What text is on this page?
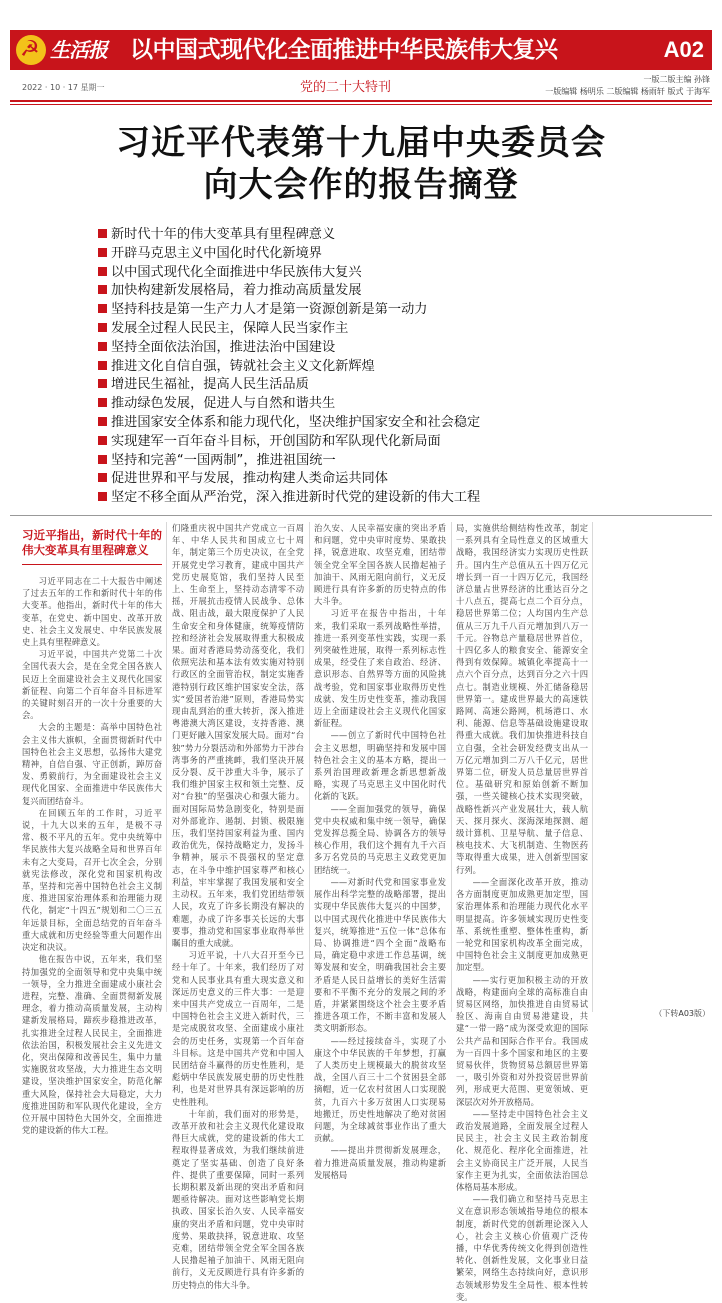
☭
生活报	以中国式现代化全面推进中华民族伟大复兴	A02
2022 · 10 · 17 星期一	党的二十大特刊
一版二版主编 孙锋
一版编辑 杨明乐 二版编辑 杨雨轩 版式 于海军
习近平代表第十九届中央委员会
向大会作的报告摘登
新时代十年的伟大变革具有里程碑意义
开辟马克思主义中国化时代化新境界
以中国式现代化全面推进中华民族伟大复兴
加快构建新发展格局，着力推动高质量发展
坚持科技是第一生产力人才是第一资源创新是第一动力
发展全过程人民民主，保障人民当家作主
坚持全面依法治国，推进法治中国建设
推进文化自信自强，铸就社会主义文化新辉煌
增进民生福祉，提高人民生活品质
推动绿色发展，促进人与自然和谐共生
推进国家安全体系和能力现代化，坚决维护国家安全和社会稳定
实现建军一百年奋斗目标，开创国防和军队现代化新局面
坚持和完善“一国两制”，推进祖国统一
促进世界和平与发展，推动构建人类命运共同体
坚定不移全面从严治党，深入推进新时代党的建设新的伟大工程
习近平指出，新时代十年的伟大变革具有里程碑意义

习近平同志在二十大报告中阐述了过去五年的工作和新时代十年的伟大变革。他指出，新时代十年的伟大变革，在党史、新中国史、改革开放史、社会主义发展史、中华民族发展史上具有里程碑意义。

习近平说，中国共产党第二十次全国代表大会，是在全党全国各族人民迈上全面建设社会主义现代化国家新征程、向第二个百年奋斗目标进军的关键时刻召开的一次十分重要的大会。

大会的主题是：高举中国特色社会主义伟大旗帜，全面贯彻新时代中国特色社会主义思想，弘扬伟大建党精神，自信自强、守正创新，踔厉奋发、勇毅前行，为全面建设社会主义现代化国家、全面推进中华民族伟大复兴而团结奋斗。

在回顾五年的工作时，习近平说，十九大以来的五年，是极不寻常、极不平凡的五年。党中央统筹中华民族伟大复兴战略全局和世界百年未有之大变局，召开七次全会，分别就宪法修改，深化党和国家机构改革，坚持和完善中国特色社会主义制度、推进国家治理体系和治理能力现代化，制定“十四五”规划和二〇三五年远景目标，全面总结党的百年奋斗重大成就和历史经验等重大问题作出决定和决议。

他在报告中说，五年来，我们坚持加强党的全面领导和党中央集中统一领导，全力推进全面建成小康社会进程，完整、准确、全面贯彻新发展理念，着力推动高质量发展，主动构建新发展格局，蹄疾步稳推进改革，扎实推进全过程人民民主，全面推进依法治国，积极发展社会主义先进文化，突出保障和改善民生，集中力量实施脱贫攻坚战，大力推进生态文明建设，坚决维护国家安全，防范化解重大风险，保持社会大局稳定，大力度推进国防和军队现代化建设，全方位开展中国特色大国外交，全面推进党的建设新的伟大工程。

们隆重庆祝中国共产党成立一百周年、中华人民共和国成立七十周年，制定第三个历史决议，在全党开展党史学习教育，建成中国共产党历史展览馆，我们坚持人民至上、生命至上，坚持动态清零不动摇，开展抗击疫情人民战争、总体战、阻击战，最大限度保护了人民生命安全和身体健康，统筹疫情防控和经济社会发展取得重大积极成果。面对香港局势动荡变化，我们依照宪法和基本法有效实施对特别行政区的全面管治权，制定实施香港特别行政区维护国家安全法，落实“爱国者治港”原则，香港局势实现由乱到治的重大转折，深入推进粤港澳大湾区建设，支持香港、澳门更好融入国家发展大局。面对“台独”势力分裂活动和外部势力干涉台湾事务的严重挑衅，我们坚决开展反分裂、反干涉重大斗争，展示了我们维护国家主权和领土完整、反对“台独”的坚强决心和强大能力。面对国际局势急剧变化，特别是面对外部讹诈、遏制、封锁、极限施压，我们坚持国家利益为重、国内政治优先，保持战略定力，发扬斗争精神，展示不畏强权的坚定意志，在斗争中维护国家尊严和核心利益，牢牢掌握了我国发展和安全主动权。五年来，我们党团结带领人民，攻克了许多长期没有解决的难题，办成了许多事关长远的大事要事，推动党和国家事业取得举世瞩目的重大成就。

习近平说，十八大召开至今已经十年了。十年来，我们经历了对党和人民事业具有重大现实意义和深远历史意义的三件大事：一是迎来中国共产党成立一百周年，二是中国特色社会主义进入新时代，三是完成脱贫攻坚、全面建成小康社会的历史任务，实现第一个百年奋斗目标。这是中国共产党和中国人民团结奋斗赢得的历史性胜利，是彪炳中华民族发展史册的历史性胜利，也是对世界具有深远影响的历史性胜利。

十年前，我们面对的形势是，改革开放和社会主义现代化建设取得巨大成就，党的建设新的伟大工程取得显著成效，为我们继续前进奠定了坚实基础、创造了良好条件、提供了重要保障，同时一系列长期积累及新出现的突出矛盾和问题亟待解决。面对这些影响党长期执政、国家长治久安、人民幸福安康的突出矛盾和问题，党中央审时度势、果敢抉择，锐意进取、攻坚克难，团结带领全党全军全国各族人民撸起袖子加油干、风雨无阻向前行，义无反顾进行具有许多新的历史特点的伟大斗争。

治久安、人民幸福安康的突出矛盾和问题，党中央审时度势、果敢抉择，锐意进取、攻坚克难，团结带领全党全军全国各族人民撸起袖子加油干、风雨无阻向前行，义无反顾进行具有许多新的历史特点的伟大斗争。

习近平在报告中指出，十年来，我们采取一系列战略性举措，推进一系列变革性实践，实现一系列突破性进展，取得一系列标志性成果，经受住了来自政治、经济、意识形态、自然界等方面的风险挑战考验，党和国家事业取得历史性成就、发生历史性变革，推动我国迈上全面建设社会主义现代化国家新征程。

——创立了新时代中国特色社会主义思想，明确坚持和发展中国特色社会主义的基本方略，提出一系列治国理政新理念新思想新战略，实现了马克思主义中国化时代化新的飞跃。

——全面加强党的领导，确保党中央权威和集中统一领导，确保党发挥总揽全局、协调各方的领导核心作用，我们这个拥有九千六百多万名党员的马克思主义政党更加团结统一。

——对新时代党和国家事业发展作出科学完整的战略部署，提出实现中华民族伟大复兴的中国梦，以中国式现代化推进中华民族伟大复兴，统筹推进“五位一体”总体布局、协调推进“四个全面”战略布局，确定稳中求进工作总基调，统筹发展和安全，明确我国社会主要矛盾是人民日益增长的美好生活需要和不平衡不充分的发展之间的矛盾，并紧紧围绕这个社会主要矛盾推进各项工作，不断丰富和发展人类文明新形态。

——经过接续奋斗，实现了小康这个中华民族的千年梦想，打赢了人类历史上规模最大的脱贫攻坚战，全国八百三十二个贫困县全部摘帽，近一亿农村贫困人口实现脱贫，九百六十多万贫困人口实现易地搬迁，历史性地解决了绝对贫困问题，为全球减贫事业作出了重大贡献。

——提出并贯彻新发展理念，着力推进高质量发展，推动构建新发展格局

局，实施供给侧结构性改革，制定一系列具有全局性意义的区域重大战略，我国经济实力实现历史性跃升。国内生产总值从五十四万亿元增长到一百一十四万亿元，我国经济总量占世界经济的比重达百分之十八点五，提高七点二个百分点，稳居世界第二位；人均国内生产总值从三万九千八百元增加到八万一千元。谷物总产量稳居世界首位，十四亿多人的粮食安全、能源安全得到有效保障。城镇化率提高十一点六个百分点，达到百分之六十四点七。制造业规模、外汇储备稳居世界第一。建成世界最大的高速铁路网、高速公路网，机场港口、水利、能源、信息等基础设施建设取得重大成就。我们加快推进科技自立自强，全社会研发经费支出从一万亿元增加到二万八千亿元，居世界第二位，研发人员总量居世界首位。基础研究和原始创新不断加强，一些关键核心技术实现突破，战略性新兴产业发展壮大，载人航天、探月探火、深海深地探测、超级计算机、卫星导航、量子信息、核电技术、大飞机制造、生物医药等取得重大成果，进入创新型国家行列。

——全面深化改革开放，推动各方面制度更加成熟更加定型，国家治理体系和治理能力现代化水平明显提高。许多领域实现历史性变革、系统性重塑、整体性重构，新一轮党和国家机构改革全面完成，中国特色社会主义制度更加成熟更加定型。

——实行更加积极主动的开放战略，构建面向全球的高标准自由贸易区网络，加快推进自由贸易试验区、海南自由贸易港建设，共建“一带一路”成为深受欢迎的国际公共产品和国际合作平台。我国成为一百四十多个国家和地区的主要贸易伙伴，货物贸易总额居世界第一，吸引外资和对外投资居世界前列，形成更大范围、更宽领域、更深层次对外开放格局。

——坚持走中国特色社会主义政治发展道路，全面发展全过程人民民主，社会主义民主政治制度化、规范化、程序化全面推进，社会主义协商民主广泛开展，人民当家作主更为扎实，全面依法治国总体格局基本形成。

——我们确立和坚持马克思主义在意识形态领域指导地位的根本制度，新时代党的创新理论深入人心，社会主义核心价值观广泛传播，中华优秀传统文化得到创造性转化、创新性发展，文化事业日益繁荣，网络生态持续向好，意识形态领域形势发生全局性、根本性转变。

（下转A03版）
